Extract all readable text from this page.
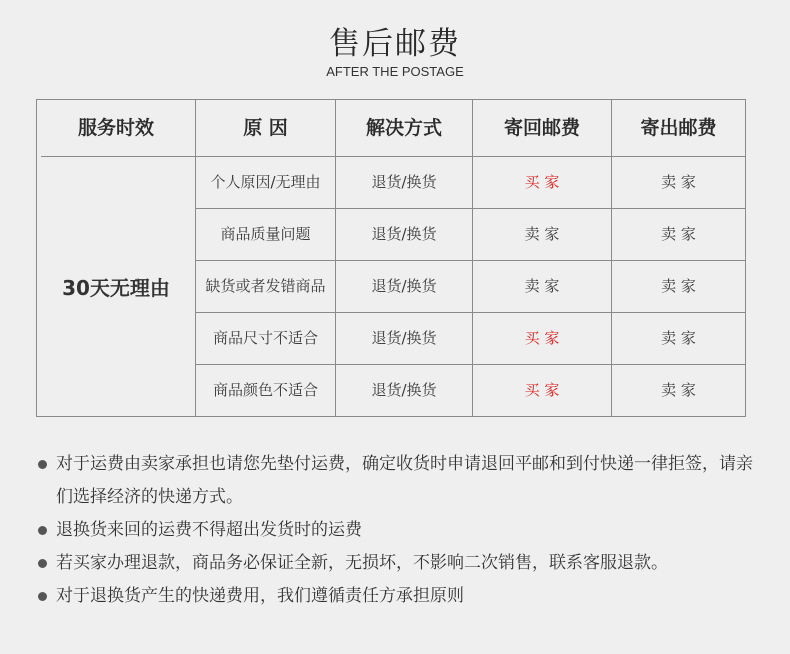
售后邮费
AFTER THE POSTAGE
服务时效	原 因	解决方式	寄回邮费	寄出邮费
30天无理由
个人原因/无理由	退货/换货	买 家	卖 家
商品质量问题	退货/换货	卖 家	卖 家
缺货或者发错商品	退货/换货	卖 家	卖 家
商品尺寸不适合	退货/换货	买 家	卖 家
商品颜色不适合	退货/换货	买 家	卖 家
对于运费由卖家承担也请您先垫付运费，确定收货时申请退回平邮和到付快递一律拒签，请亲们选择经济的快递方式。
退换货来回的运费不得超出发货时的运费
若买家办理退款，商品务必保证全新，无损坏，不影响二次销售，联系客服退款。
对于退换货产生的快递费用，我们遵循责任方承担原则
